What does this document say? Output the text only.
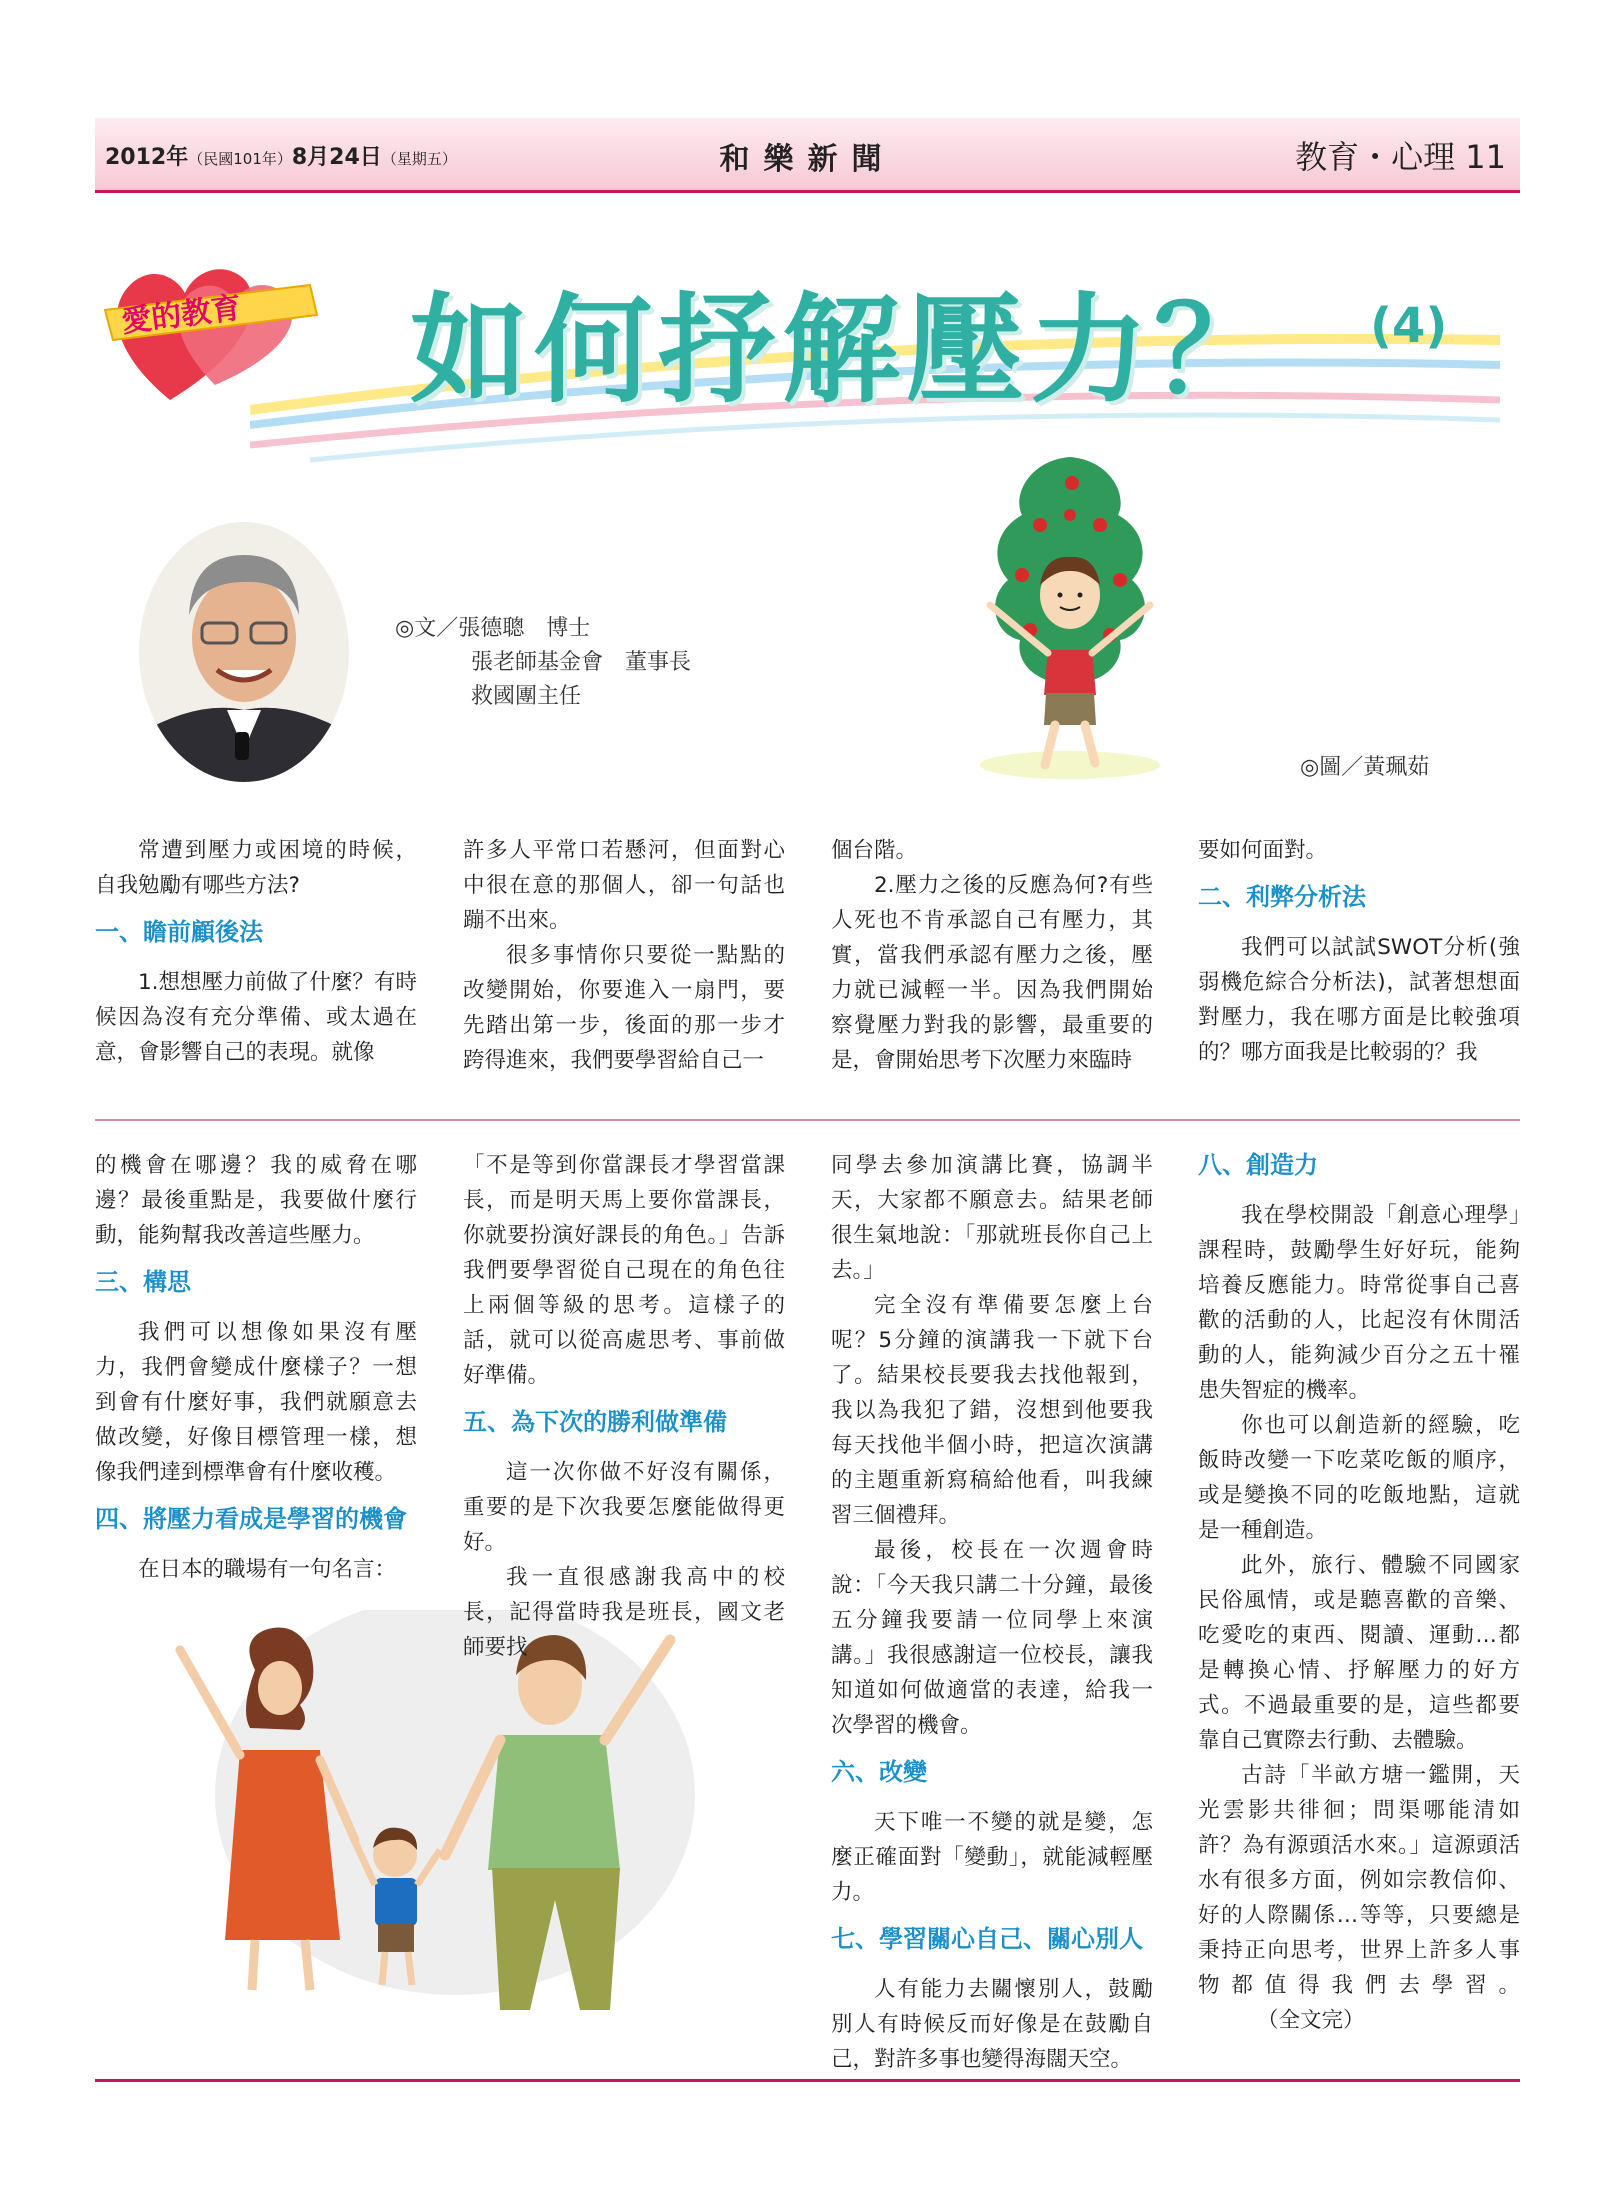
2012年（民國101年）8月24日（星期五）	和樂新聞	教育・心理 11
愛的教育 如何抒解壓力？ (4)
◎文／張德聰　博士
張老師基金會　董事長
救國團主任
◎圖／黃珮茹

常遭到壓力或困境的時候，自我勉勵有哪些方法?

一、瞻前顧後法

1.想想壓力前做了什麼？有時候因為沒有充分準備、或太過在意，會影響自己的表現。就像

許多人平常口若懸河，但面對心中很在意的那個人，卻一句話也蹦不出來。

很多事情你只要從一點點的改變開始，你要進入一扇門，要先踏出第一步，後面的那一步才跨得進來，我們要學習給自己一

個台階。

2.壓力之後的反應為何?有些人死也不肯承認自己有壓力，其實，當我們承認有壓力之後，壓力就已減輕一半。因為我們開始察覺壓力對我的影響，最重要的是，會開始思考下次壓力來臨時

要如何面對。

二、利弊分析法

我們可以試試SWOT分析(強弱機危綜合分析法)，試著想想面對壓力，我在哪方面是比較強項的？哪方面我是比較弱的？我

的機會在哪邊？我的威脅在哪邊？最後重點是，我要做什麼行動，能夠幫我改善這些壓力。

三、構思

我們可以想像如果沒有壓力，我們會變成什麼樣子？一想到會有什麼好事，我們就願意去做改變，好像目標管理一樣，想像我們達到標準會有什麼收穫。

四、將壓力看成是學習的機會

在日本的職場有一句名言：

「不是等到你當課長才學習當課長，而是明天馬上要你當課長，你就要扮演好課長的角色。」告訴我們要學習從自己現在的角色往上兩個等級的思考。這樣子的話，就可以從高處思考、事前做好準備。

五、為下次的勝利做準備

這一次你做不好沒有關係，重要的是下次我要怎麼能做得更好。

我一直很感謝我高中的校長，記得當時我是班長，國文老師要找

同學去參加演講比賽，協調半天，大家都不願意去。結果老師很生氣地說：「那就班長你自己上去。」

完全沒有準備要怎麼上台呢？5分鐘的演講我一下就下台了。結果校長要我去找他報到，我以為我犯了錯，沒想到他要我每天找他半個小時，把這次演講的主題重新寫稿給他看，叫我練習三個禮拜。

最後，校長在一次週會時說：「今天我只講二十分鐘，最後五分鐘我要請一位同學上來演講。」我很感謝這一位校長，讓我知道如何做適當的表達，給我一次學習的機會。

六、改變

天下唯一不變的就是變，怎麼正確面對「變動」，就能減輕壓力。

七、學習關心自己、關心別人

人有能力去關懷別人，鼓勵別人有時候反而好像是在鼓勵自己，對許多事也變得海闊天空。

八、創造力

我在學校開設「創意心理學」課程時，鼓勵學生好好玩，能夠培養反應能力。時常從事自己喜歡的活動的人，比起沒有休閒活動的人，能夠減少百分之五十罹患失智症的機率。

你也可以創造新的經驗，吃飯時改變一下吃菜吃飯的順序，或是變換不同的吃飯地點，這就是一種創造。

此外，旅行、體驗不同國家民俗風情，或是聽喜歡的音樂、吃愛吃的東西、閱讀、運動…都是轉換心情、抒解壓力的好方式。不過最重要的是，這些都要靠自己實際去行動、去體驗。

古詩「半畝方塘一鑑開，天光雲影共徘徊；問渠哪能清如許？為有源頭活水來。」這源頭活水有很多方面，例如宗教信仰、好的人際關係…等等，只要總是秉持正向思考，世界上許多人事物都值得我們去學習。（全文完）
